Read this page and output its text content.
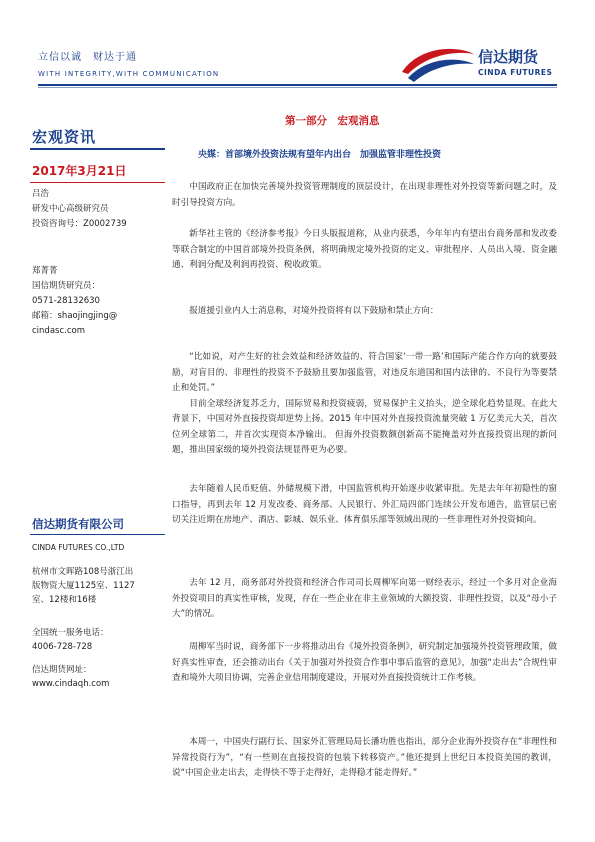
立信以诚　财达于通
WITH INTEGRITY,WITH COMMUNICATION
信达期货
CINDA FUTURES
宏观资讯
2017年3月21日
吕浩
研发中心高级研究员
投资咨询号：Z0002739
郑菁菁
国信期货研究员：
0571-28132630
邮箱：shaojingjing@
cindasc.com
信达期货有限公司
CINDA FUTURES CO.,LTD
杭州市文晖路108号浙江出
版物资大厦1125室、1127
室、12楼和16楼
全国统一服务电话：
4006-728-728
信达期货网址：
www.cindaqh.com
第一部分　宏观消息
央媒：首部境外投资法规有望年内出台　加强监管非理性投资

中国政府正在加快完善境外投资管理制度的顶层设计，在出现非理性对外投资等新问题之时，及时引导投资方向。

新华社主管的《经济参考报》今日头版报道称，从业内获悉，今年年内有望出台商务部和发改委等联合制定的中国首部境外投资条例，将明确规定境外投资的定义、审批程序、人员出入境、资金融通、利润分配及利润再投资、税收政策。

报道援引业内人士消息称，对境外投资将有以下鼓励和禁止方向：

“比如说，对产生好的社会效益和经济效益的、符合国家‘一带一路’和国际产能合作方向的就要鼓励，对盲目的、非理性的投资不予鼓励且要加强监管，对违反东道国和国内法律的、不良行为等要禁止和处罚。”

目前全球经济复苏乏力，国际贸易和投资疲弱，贸易保护主义抬头，逆全球化趋势显现。在此大背景下，中国对外直接投资却逆势上扬。2015 年中国对外直接投资流量突破 1 万亿美元大关，首次位列全球第二，并首次实现资本净输出。 但海外投资数额创新高不能掩盖对外直接投资出现的新问题，推出国家级的境外投资法规显得更为必要。

去年随着人民币贬值、外储规模下滑，中国监管机构开始逐步收紧审批。先是去年年初隐性的窗口指导，再到去年 12 月发改委、商务部、人民银行、外汇局四部门连续公开发布通告，监管层已密切关注近期在房地产、酒店、影城、娱乐业、体育俱乐部等领域出现的一些非理性对外投资倾向。

去年 12 月，商务部对外投资和经济合作司司长周柳军向第一财经表示，经过一个多月对企业海外投资项目的真实性审核，发现，存在一些企业在非主业领域的大额投资、非理性投资，以及“母小子大”的情况。

周柳军当时说，商务部下一步将推动出台《境外投资条例》，研究制定加强境外投资管理政策，做好真实性审查，还会推动出台《关于加强对外投资合作事中事后监管的意见》，加强“走出去”合规性审查和境外大项目协调，完善企业信用制度建设，开展对外直接投资统计工作考核。

本周一，中国央行副行长、国家外汇管理局局长潘功胜也指出，部分企业海外投资存在“非理性和异常投资行为”，“有一些则在直接投资的包装下转移资产。”他还提到上世纪日本投资美国的教训，说“中国企业走出去，走得快不等于走得好，走得稳才能走得好。”
